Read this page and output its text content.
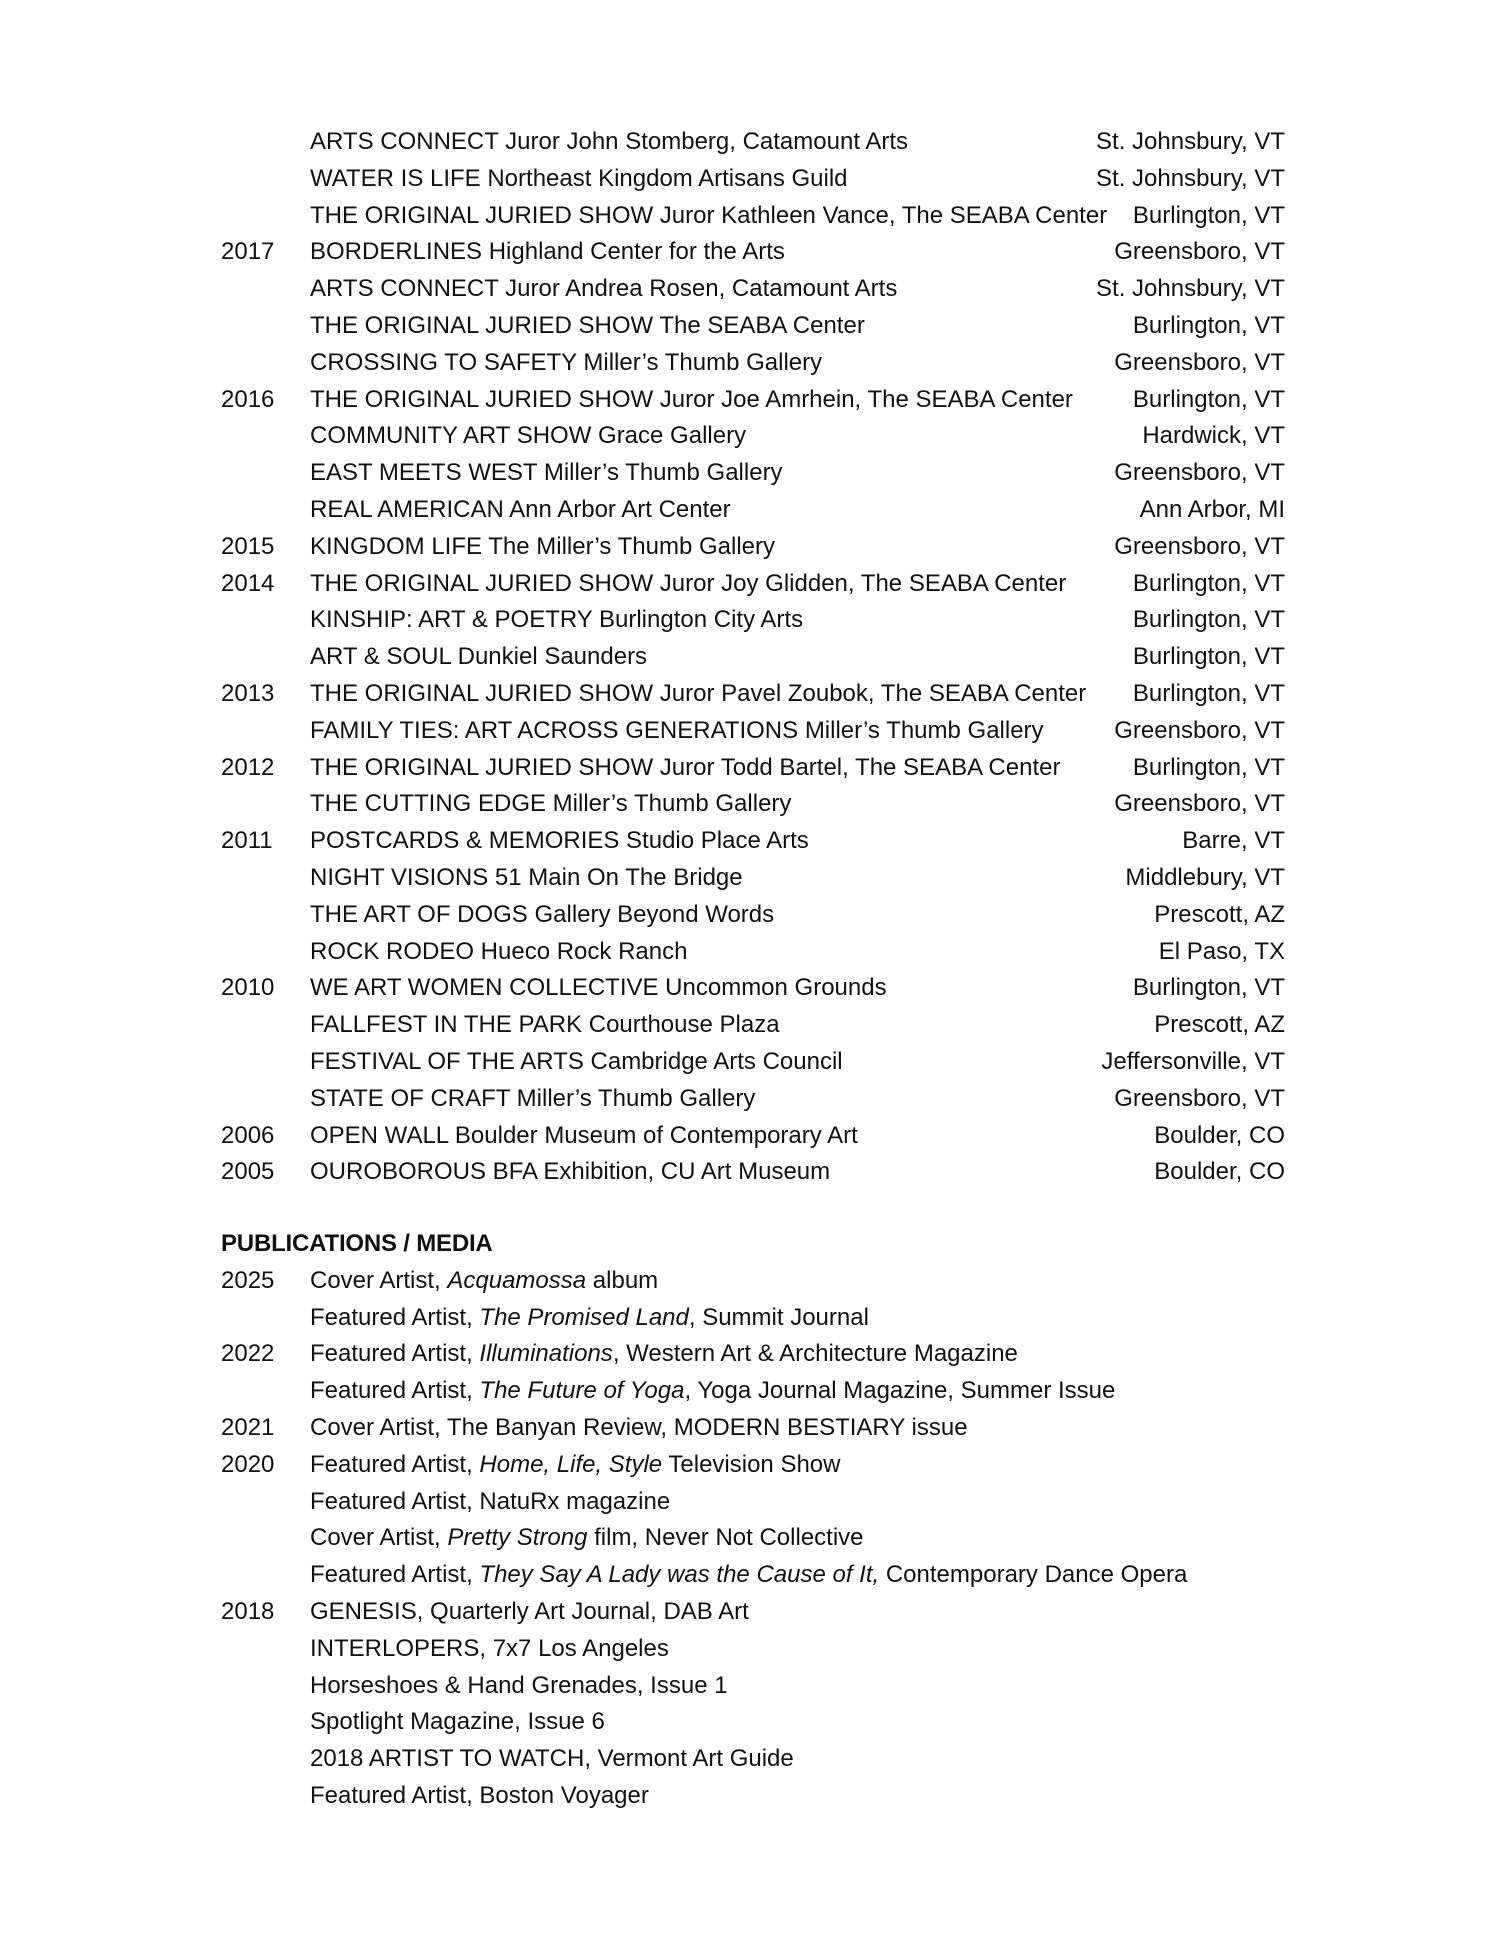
ARTS CONNECT Juror John Stomberg, Catamount Arts	St. Johnsbury, VT
WATER IS LIFE Northeast Kingdom Artisans Guild	St. Johnsbury, VT
THE ORIGINAL JURIED SHOW Juror Kathleen Vance, The SEABA Center Burlington, VT
2017	BORDERLINES Highland Center for the Arts	Greensboro, VT
ARTS CONNECT Juror Andrea Rosen, Catamount Arts	St. Johnsbury, VT
THE ORIGINAL JURIED SHOW The SEABA Center	Burlington, VT
CROSSING TO SAFETY Miller’s Thumb Gallery	Greensboro, VT
2016	THE ORIGINAL JURIED SHOW Juror Joe Amrhein, The SEABA Center	Burlington, VT
COMMUNITY ART SHOW Grace Gallery	Hardwick, VT
EAST MEETS WEST Miller’s Thumb Gallery	Greensboro, VT
REAL AMERICAN Ann Arbor Art Center	Ann Arbor, MI
2015	KINGDOM LIFE The Miller’s Thumb Gallery	Greensboro, VT
2014	THE ORIGINAL JURIED SHOW Juror Joy Glidden, The SEABA Center	Burlington, VT
KINSHIP: ART & POETRY Burlington City Arts	Burlington, VT
ART & SOUL Dunkiel Saunders	Burlington, VT
2013	THE ORIGINAL JURIED SHOW Juror Pavel Zoubok, The SEABA Center Burlington, VT
FAMILY TIES: ART ACROSS GENERATIONS Miller’s Thumb Gallery	Greensboro, VT
2012	THE ORIGINAL JURIED SHOW Juror Todd Bartel, The SEABA Center	Burlington, VT
THE CUTTING EDGE Miller’s Thumb Gallery	Greensboro, VT
2011	POSTCARDS & MEMORIES Studio Place Arts	Barre, VT
NIGHT VISIONS 51 Main On The Bridge	Middlebury, VT
THE ART OF DOGS Gallery Beyond Words	Prescott, AZ
ROCK RODEO Hueco Rock Ranch	El Paso, TX
2010	WE ART WOMEN COLLECTIVE Uncommon Grounds	Burlington, VT
FALLFEST IN THE PARK Courthouse Plaza	Prescott, AZ
FESTIVAL OF THE ARTS Cambridge Arts Council	Jeffersonville, VT
STATE OF CRAFT Miller’s Thumb Gallery	Greensboro, VT
2006	OPEN WALL Boulder Museum of Contemporary Art	Boulder, CO
2005	OUROBOROUS BFA Exhibition, CU Art Museum	Boulder, CO
PUBLICATIONS / MEDIA
2025	Cover Artist, Acquamossa album
Featured Artist, The Promised Land, Summit Journal
2022	Featured Artist, Illuminations, Western Art & Architecture Magazine
Featured Artist, The Future of Yoga, Yoga Journal Magazine, Summer Issue
2021	Cover Artist, The Banyan Review, MODERN BESTIARY issue
2020	Featured Artist, Home, Life, Style Television Show
Featured Artist, NatuRx magazine
Cover Artist, Pretty Strong film, Never Not Collective
Featured Artist, They Say A Lady was the Cause of It, Contemporary Dance Opera
2018	GENESIS, Quarterly Art Journal, DAB Art
INTERLOPERS, 7x7 Los Angeles
Horseshoes & Hand Grenades, Issue 1
Spotlight Magazine, Issue 6
2018 ARTIST TO WATCH, Vermont Art Guide
Featured Artist, Boston Voyager
